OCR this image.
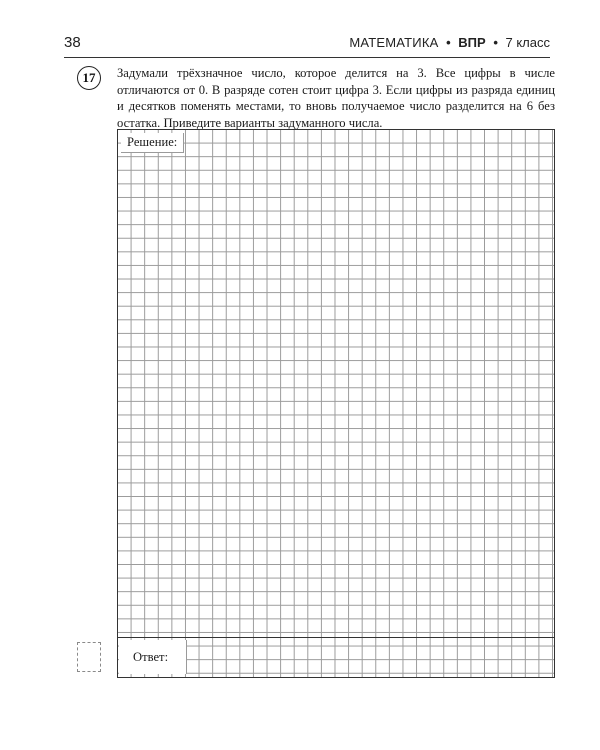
38	МАТЕМАТИКА • ВПР • 7 класс
17	Задумали трёхзначное число, которое делится на 3. Все цифры в числе отличаются от 0. В разряде сотен стоит цифра 3. Если цифры из разряда единиц и десятков поменять местами, то вновь получаемое число разделится на 6 без остатка. Приведите варианты задуманного числа.

Решение:
Ответ:
